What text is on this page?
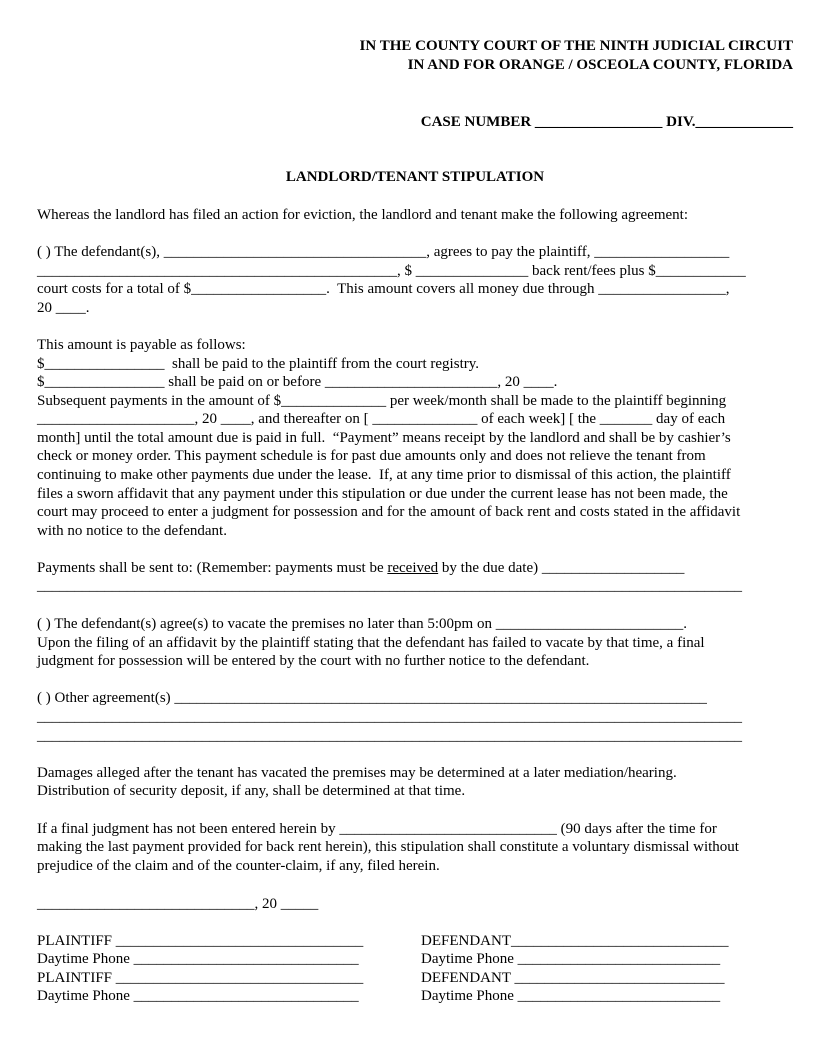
IN THE COUNTY COURT OF THE NINTH JUDICIAL CIRCUIT
IN AND FOR ORANGE / OSCEOLA COUNTY, FLORIDA
CASE NUMBER _________________ DIV._____________
LANDLORD/TENANT STIPULATION
Whereas the landlord has filed an action for eviction, the landlord and tenant make the following agreement:
( ) The defendant(s), ___________________________________, agrees to pay the plaintiff, __________________
________________________________________________, $ _______________ back rent/fees plus $____________
court costs for a total of $__________________.  This amount covers all money due through _________________,
20 ____.
This amount is payable as follows:
$________________  shall be paid to the plaintiff from the court registry.
$________________ shall be paid on or before _______________________, 20 ____.
Subsequent payments in the amount of $______________ per week/month shall be made to the plaintiff beginning
_____________________, 20 ____, and thereafter on [ ______________ of each week] [ the _______ day of each
month] until the total amount due is paid in full.  “Payment” means receipt by the landlord and shall be by cashier’s
check or money order. This payment schedule is for past due amounts only and does not relieve the tenant from
continuing to make other payments due under the lease.  If, at any time prior to dismissal of this action, the plaintiff
files a sworn affidavit that any payment under this stipulation or due under the current lease has not been made, the
court may proceed to enter a judgment for possession and for the amount of back rent and costs stated in the affidavit
with no notice to the defendant.
Payments shall be sent to: (Remember: payments must be received by the due date) ___________________
______________________________________________________________________________________________
( ) The defendant(s) agree(s) to vacate the premises no later than 5:00pm on _________________________.
Upon the filing of an affidavit by the plaintiff stating that the defendant has failed to vacate by that time, a final
judgment for possession will be entered by the court with no further notice to the defendant.
( ) Other agreement(s) _______________________________________________________________________
______________________________________________________________________________________________
______________________________________________________________________________________________
Damages alleged after the tenant has vacated the premises may be determined at a later mediation/hearing.
Distribution of security deposit, if any, shall be determined at that time.
If a final judgment has not been entered herein by _____________________________ (90 days after the time for
making the last payment provided for back rent herein), this stipulation shall constitute a voluntary dismissal without
prejudice of the claim and of the counter-claim, if any, filed herein.
_____________________________, 20 _____
PLAINTIFF _________________________________
Daytime Phone ______________________________
PLAINTIFF _________________________________
Daytime Phone ______________________________
DEFENDANT_____________________________
Daytime Phone ___________________________
DEFENDANT ____________________________
Daytime Phone ___________________________
